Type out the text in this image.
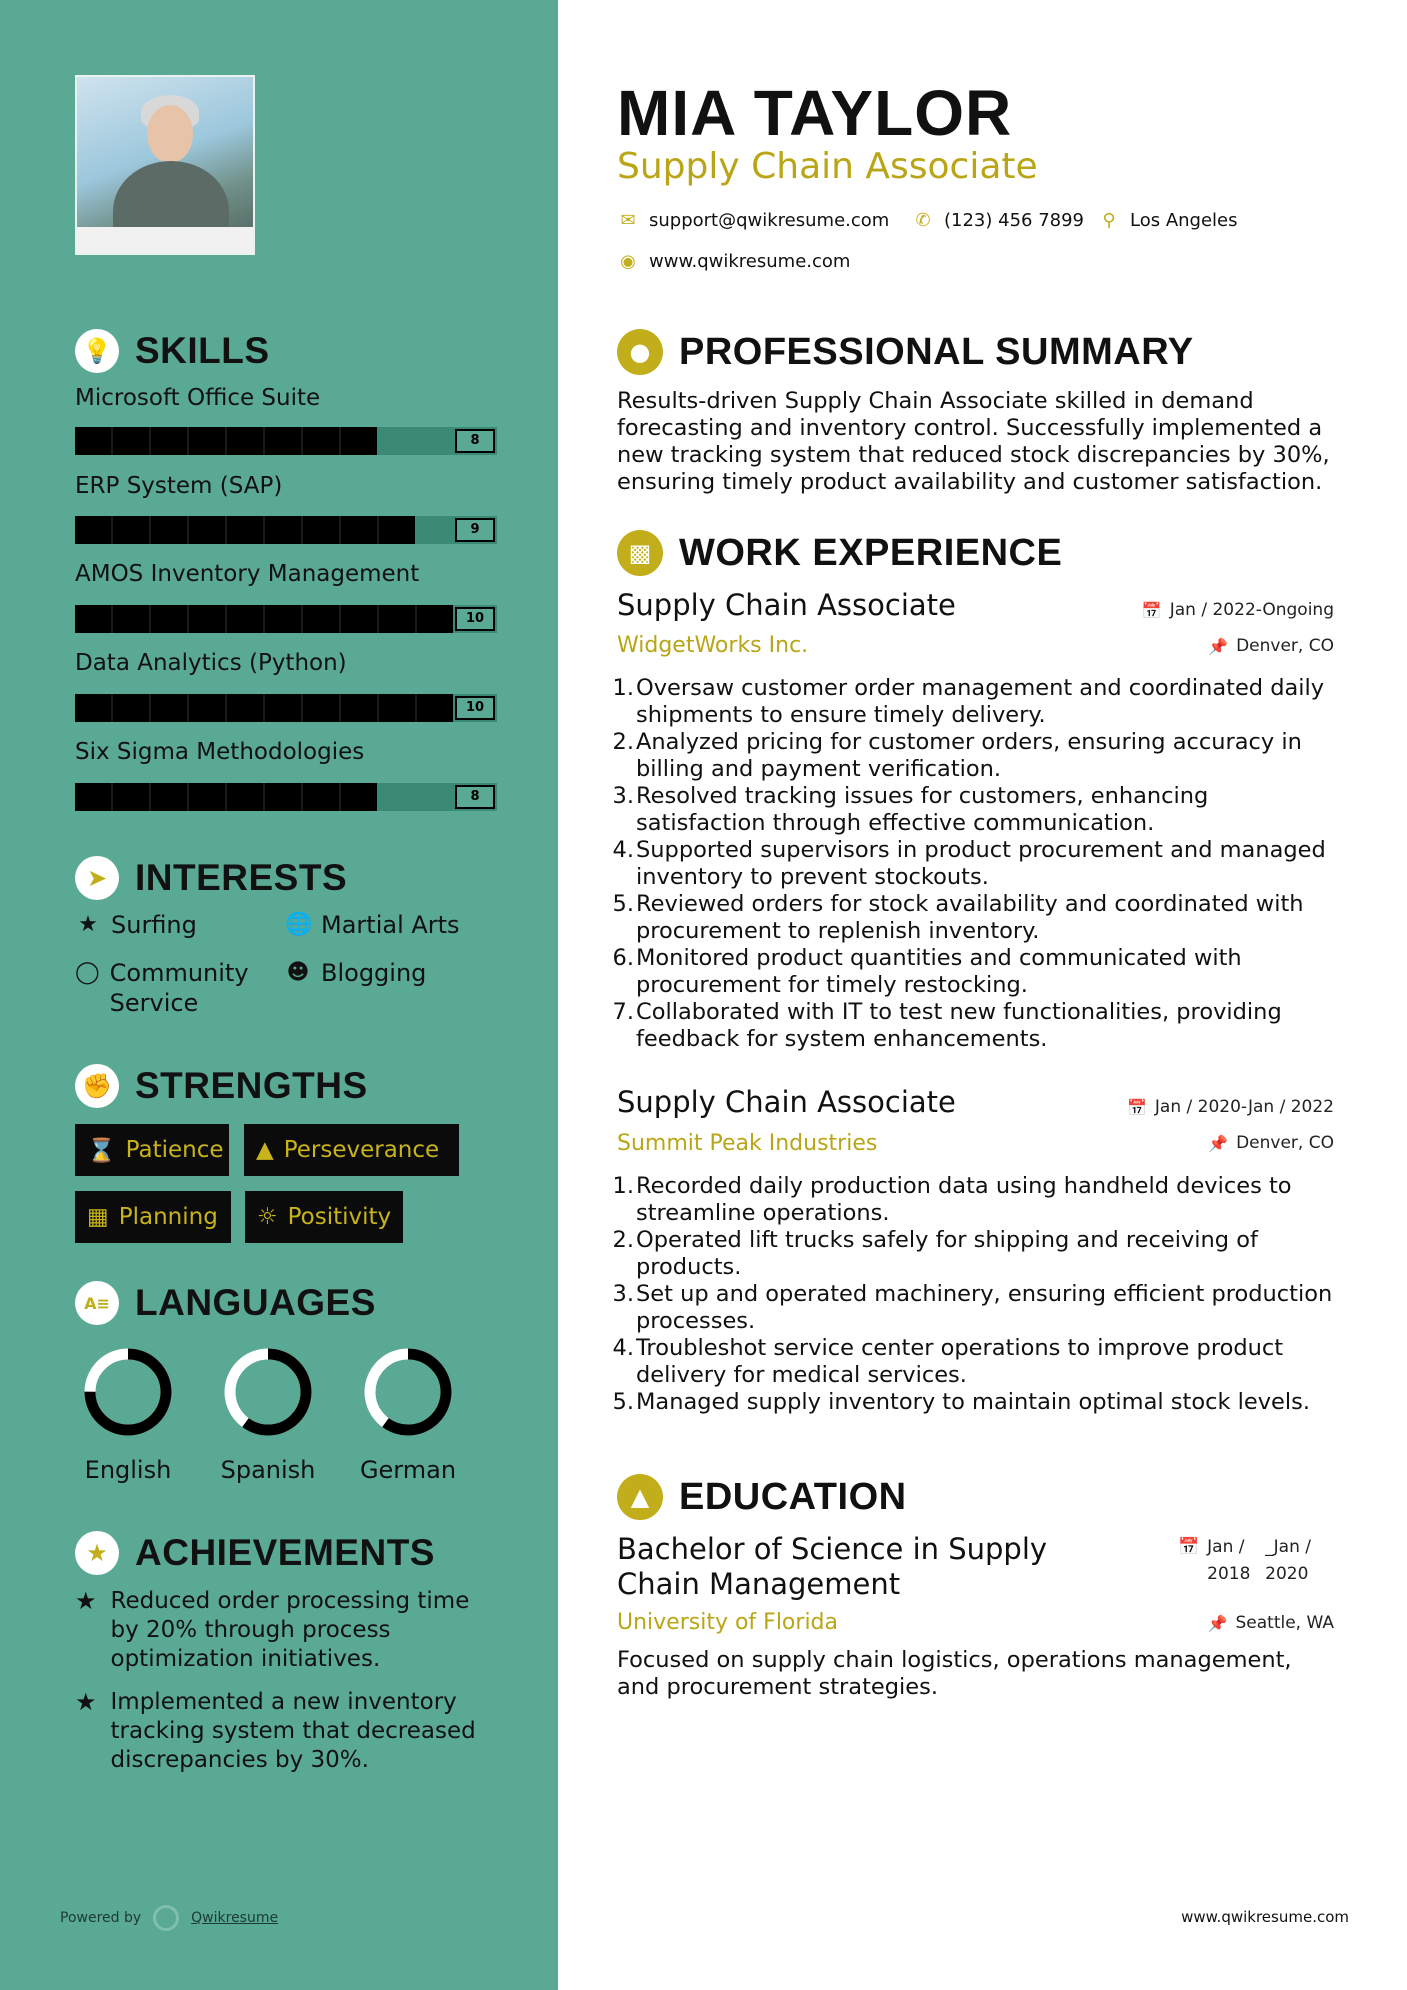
💡 SKILLS
Microsoft Office Suite
8
ERP System (SAP)
9
AMOS Inventory Management
10
Data Analytics (Python)
10
Six Sigma Methodologies
8
➤ INTERESTS
★ Surfing	🌐 Martial Arts
◯ Community Service
☻ Blogging
✊ STRENGTHS
⌛ Patience ▲ Perseverance
▦ Planning ☼ Positivity
A≡ LANGUAGES
English	Spanish	German
★ ACHIEVEMENTS
★ Reduced order processing time by 20% through process optimization initiatives.
★ Implemented a new inventory tracking system that decreased discrepancies by 30%.
Powered by	Qwikresume
MIA TAYLOR
Supply Chain Associate
✉ support@qwikresume.com ✆ (123) 456 7899 ⚲ Los Angeles
◉ www.qwikresume.com
● PROFESSIONAL SUMMARY
Results-driven Supply Chain Associate skilled in demand forecasting and inventory control. Successfully implemented a new tracking system that reduced stock discrepancies by 30%, ensuring timely product availability and customer satisfaction.
▩ WORK EXPERIENCE
Supply Chain Associate	📅 Jan / 2022-Ongoing
WidgetWorks Inc.	📌 Denver, CO
1. Oversaw customer order management and coordinated daily shipments to ensure timely delivery.
2. Analyzed pricing for customer orders, ensuring accuracy in billing and payment verification.
3. Resolved tracking issues for customers, enhancing satisfaction through effective communication.
4. Supported supervisors in product procurement and managed inventory to prevent stockouts.
5. Reviewed orders for stock availability and coordinated with procurement to replenish inventory.
6. Monitored product quantities and communicated with procurement for timely restocking.
7. Collaborated with IT to test new functionalities, providing feedback for system enhancements.
Supply Chain Associate	📅 Jan / 2020-Jan / 2022
Summit Peak Industries	📌 Denver, CO
1. Recorded daily production data using handheld devices to streamline operations.
2. Operated lift trucks safely for shipping and receiving of products.
3. Set up and operated machinery, ensuring efficient production processes.
4. Troubleshot service center operations to improve product delivery for medical services.
5. Managed supply inventory to maintain optimal stock levels.
▲ EDUCATION
Bachelor of Science in Supply Chain Management
📅 Jan /
2018
_Jan /
2020
University of Florida	📌 Seattle, WA
Focused on supply chain logistics, operations management, and procurement strategies.
www.qwikresume.com
